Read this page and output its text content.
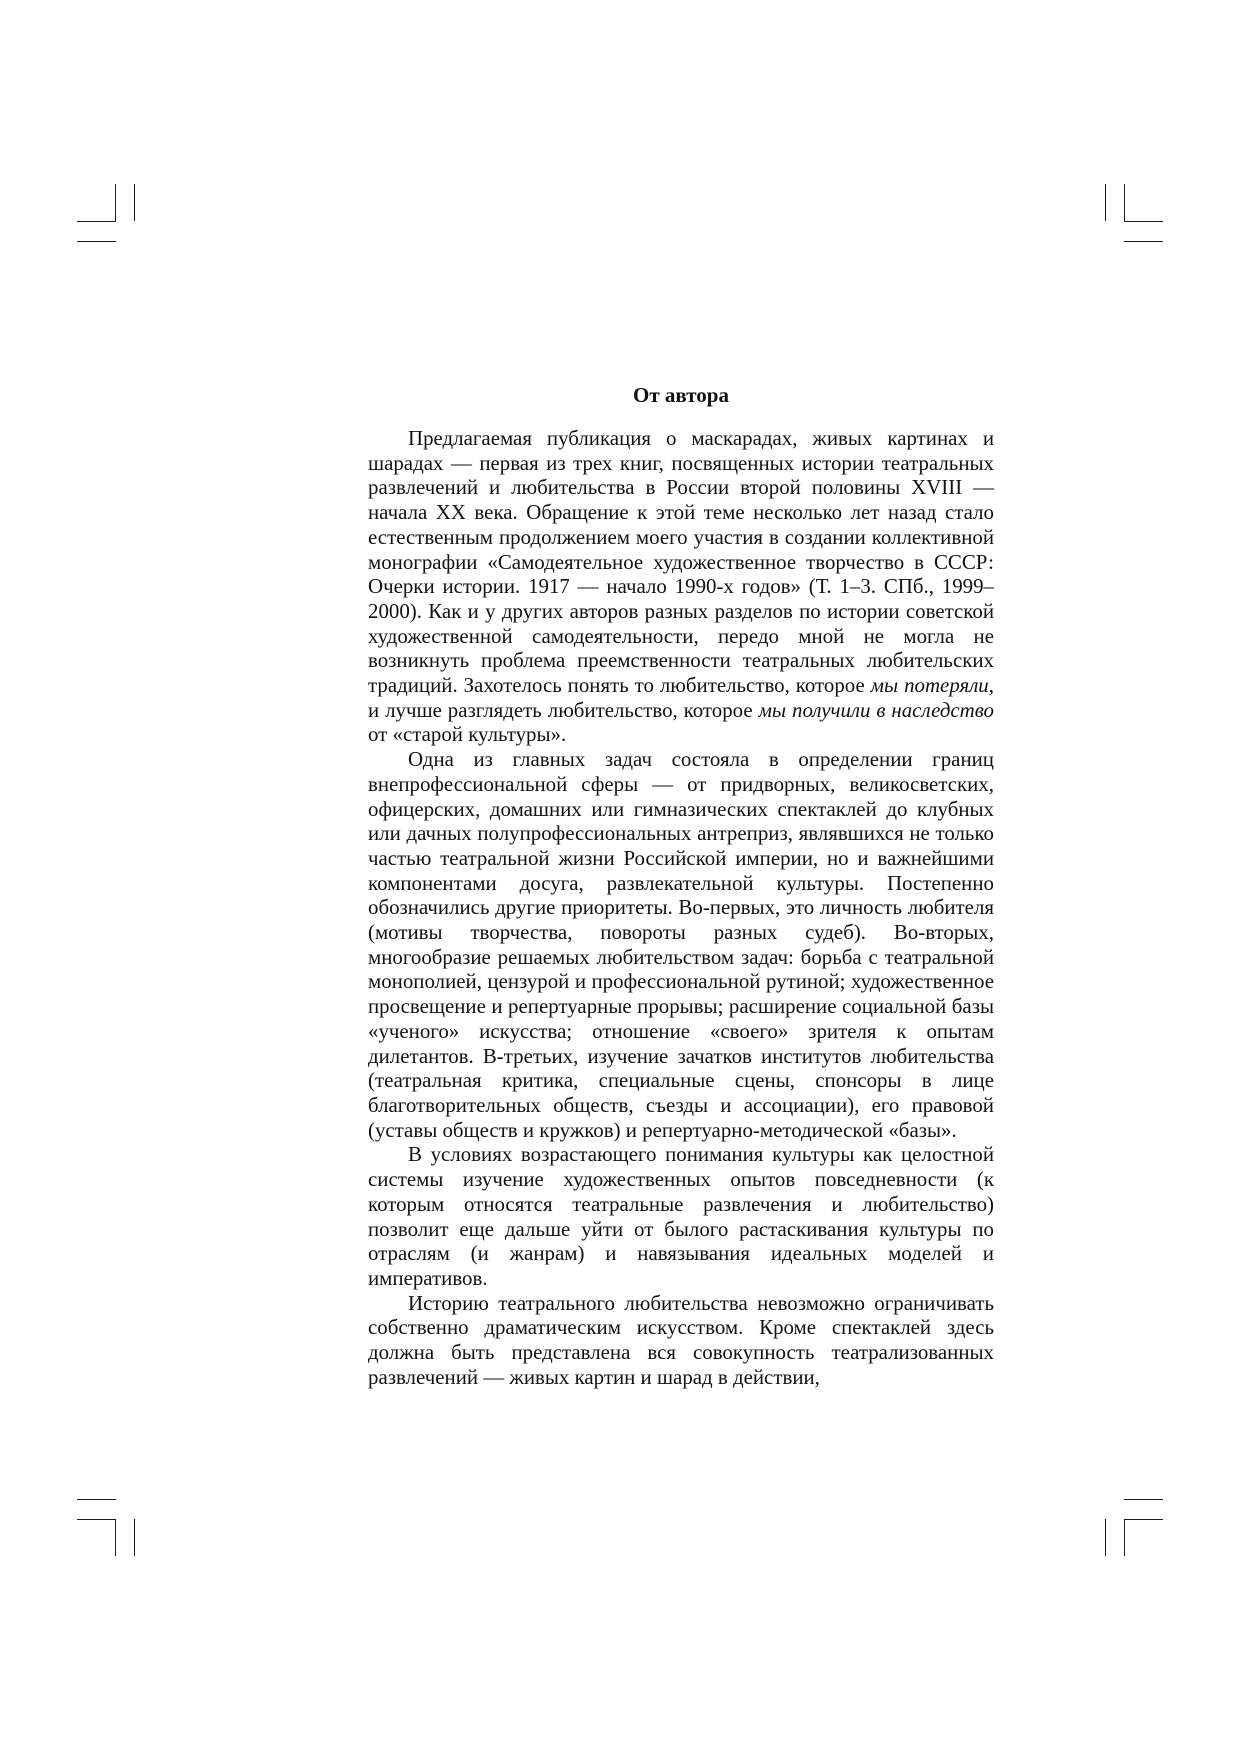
От автора

Предлагаемая публикация о маскарадах, живых картинах и шарадах — первая из трех книг, посвященных истории театральных развлечений и любительства в России второй половины XVIII — начала XX века. Обращение к этой теме несколько лет назад стало естественным продолжением моего участия в создании коллективной монографии «Самодеятельное художественное творчество в СССР: Очерки истории. 1917 — начало 1990-х годов» (Т. 1–3. СПб., 1999–2000). Как и у других авторов разных разделов по истории советской художественной самодеятельности, передо мной не могла не возникнуть проблема преемственности театральных любительских традиций. Захотелось понять то любительство, которое мы потеряли, и лучше разглядеть любительство, которое мы получили в наследство от «старой культуры».

Одна из главных задач состояла в определении границ внепрофессиональной сферы — от придворных, великосветских, офицерских, домашних или гимназических спектаклей до клубных или дачных полупрофессиональных антреприз, являвшихся не только частью театральной жизни Российской империи, но и важнейшими компонентами досуга, развлекательной культуры. Постепенно обозначились другие приоритеты. Во-первых, это личность любителя (мотивы творчества, повороты разных судеб). Во-вторых, многообразие решаемых любительством задач: борьба с театральной монополией, цензурой и профессиональной рутиной; художественное просвещение и репертуарные прорывы; расширение социальной базы «ученого» искусства; отношение «своего» зрителя к опытам дилетантов. В-третьих, изучение зачатков институтов любительства (театральная критика, специальные сцены, спонсоры в лице благотворительных обществ, съезды и ассоциации), его правовой (уставы обществ и кружков) и репертуарно-методической «базы».

В условиях возрастающего понимания культуры как целостной системы изучение художественных опытов повседневности (к которым относятся театральные развлечения и любительство) позволит еще дальше уйти от былого растаскивания культуры по отраслям (и жанрам) и навязывания идеальных моделей и императивов.

Историю театрального любительства невозможно ограничивать собственно драматическим искусством. Кроме спектаклей здесь должна быть представлена вся совокупность театрализованных развлечений — живых картин и шарад в действии,
